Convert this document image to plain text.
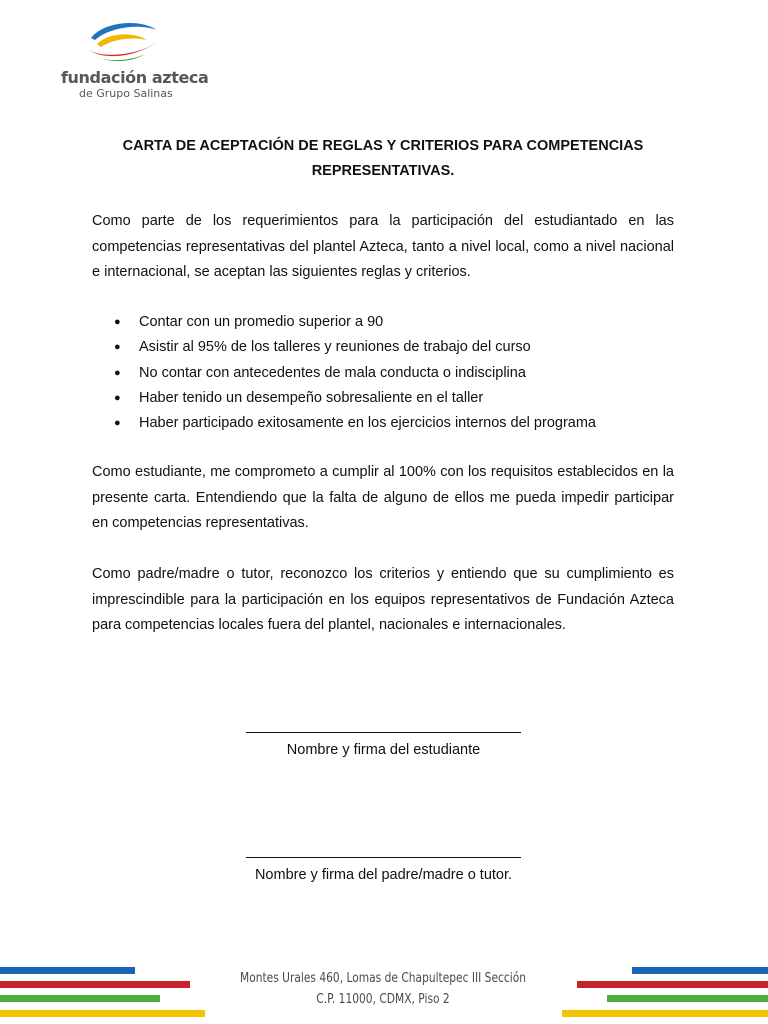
fundación azteca
de Grupo Salinas
CARTA DE ACEPTACIÓN DE REGLAS Y CRITERIOS PARA COMPETENCIAS REPRESENTATIVAS.

Como parte de los requerimientos para la participación del estudiantado en las competencias representativas del plantel Azteca, tanto a nivel local, como a nivel nacional e internacional, se aceptan las siguientes reglas y criterios.

● Contar con un promedio superior a 90
● Asistir al 95% de los talleres y reuniones de trabajo del curso
● No contar con antecedentes de mala conducta o indisciplina
● Haber tenido un desempeño sobresaliente en el taller
● Haber participado exitosamente en los ejercicios internos del programa

Como estudiante, me comprometo a cumplir al 100% con los requisitos establecidos en la presente carta. Entendiendo que la falta de alguno de ellos me pueda impedir participar en competencias representativas.

Como padre/madre o tutor, reconozco los criterios y entiendo que su cumplimiento es imprescindible para la participación en los equipos representativos de Fundación Azteca para competencias locales fuera del plantel, nacionales e internacionales.

Nombre y firma del estudiante
Nombre y firma del padre/madre o tutor.
Montes Urales 460, Lomas de Chapultepec III Sección
C.P. 11000, CDMX, Piso 2
